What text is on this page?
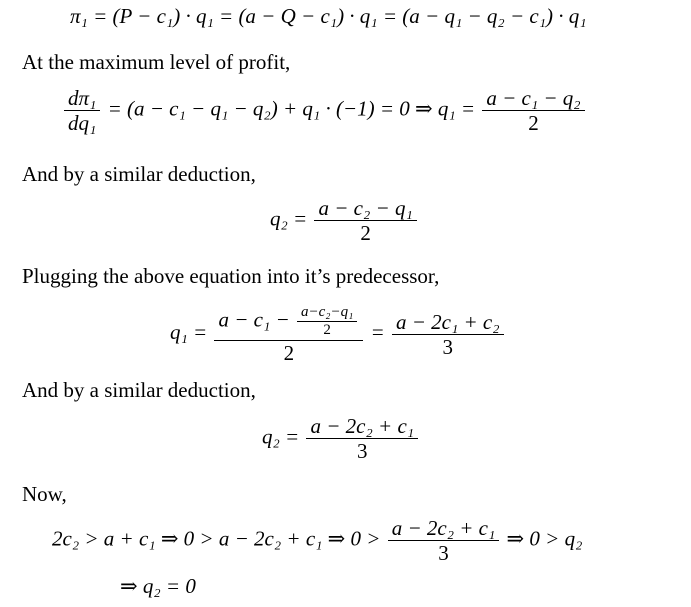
π₁ = (P − c₁) · q₁ = (a − Q − c₁) · q₁ = (a − q₁ − q₂ − c₁) · q₁
At the maximum level of profit,
$\frac{\text{dπ₁}}{\text{dq₁}} = (a - c_1 - q_1 - q_2) + q_1 \cdot (-1) = 0$ ⇒ $q_1 = \frac{\text{a − c₁ − q₂}}{2}$
And by a similar deduction,
$q_2 = \frac{\text{a − c₂ − q₁}}{2}$
Plugging the above equation into it’s predecessor,
$q_1 = \frac{a - c_1 - \frac{\text{a−c₂−q₁}}{2}}{2} = \frac{\text{a − 2c₁ + c₂}}{3}$
And by a similar deduction,
$q_2 = \frac{\text{a − 2c₂ + c₁}}{3}$
Now,
2c₂ > a + c₁ ⇒ 0 > a − 2c₂ + c₁ ⇒ $0 > \frac{\text{a − 2c₂ + c₁}}{3}$ ⇒ 0 > q₂
⇒ q₂ = 0
